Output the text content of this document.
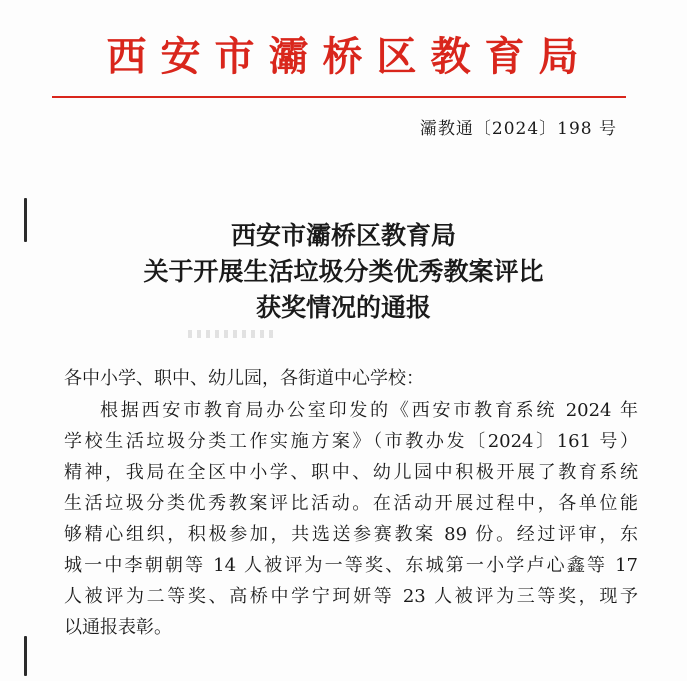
西安市灞桥区教育局
灞教通〔2024〕198 号
西安市灞桥区教育局
关于开展生活垃圾分类优秀教案评比
获奖情况的通报
各中小学、职中、幼儿园，各街道中心学校：
根据西安市教育局办公室印发的《西安市教育系统 2024 年
学校生活垃圾分类工作实施方案》（市教办发〔2024〕161 号）
精神，我局在全区中小学、职中、幼儿园中积极开展了教育系统
生活垃圾分类优秀教案评比活动。在活动开展过程中，各单位能
够精心组织，积极参加，共选送参赛教案 89 份。经过评审，东
城一中李朝朝等 14 人被评为一等奖、东城第一小学卢心鑫等 17
人被评为二等奖、高桥中学宁珂妍等 23 人被评为三等奖，现予
以通报表彰。
